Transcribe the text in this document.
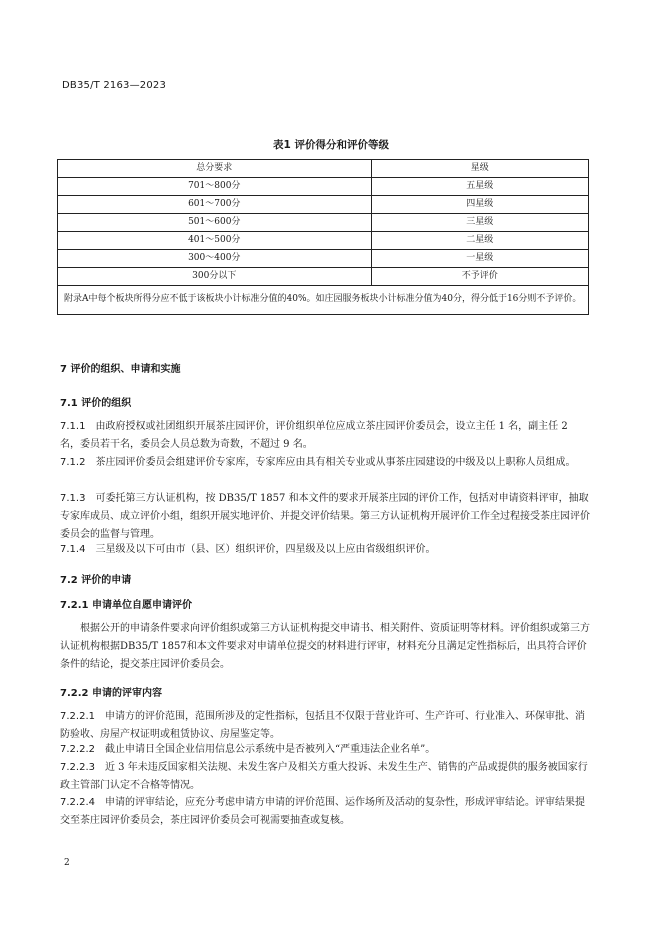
DB35/T 2163—2023
表1 评价得分和评价等级
总分要求	星级
701～800分	五星级
601～700分	四星级
501～600分	三星级
401～500分	二星级
300～400分	一星级
300分以下	不予评价
附录A中每个板块所得分应不低于该板块小计标准分值的40%。如庄园服务板块小计标准分值为40分，得分低于16分则不予评价。	
7 评价的组织、申请和实施
7.1 评价的组织
7.1.1 由政府授权或社团组织开展茶庄园评价，评价组织单位应成立茶庄园评价委员会，设立主任 1 名，副主任 2 名，委员若干名，委员会人员总数为奇数，不超过 9 名。
7.1.2 茶庄园评价委员会组建评价专家库，专家库应由具有相关专业或从事茶庄园建设的中级及以上职称人员组成。
7.1.3 可委托第三方认证机构，按 DB35/T 1857 和本文件的要求开展茶庄园的评价工作，包括对申请资料评审，抽取专家库成员、成立评价小组，组织开展实地评价、并提交评价结果。第三方认证机构开展评价工作全过程接受茶庄园评价委员会的监督与管理。
7.1.4 三星级及以下可由市（县、区）组织评价，四星级及以上应由省级组织评价。
7.2 评价的申请
7.2.1 申请单位自愿申请评价
根据公开的申请条件要求向评价组织或第三方认证机构提交申请书、相关附件、资质证明等材料。评价组织或第三方认证机构根据DB35/T 1857和本文件要求对申请单位提交的材料进行评审，材料充分且满足定性指标后，出具符合评价条件的结论，提交茶庄园评价委员会。
7.2.2 申请的评审内容
7.2.2.1 申请方的评价范围，范围所涉及的定性指标，包括且不仅限于营业许可、生产许可、行业准入、环保审批、消防验收、房屋产权证明或租赁协议、房屋鉴定等。
7.2.2.2 截止申请日全国企业信用信息公示系统中是否被列入“严重违法企业名单”。
7.2.2.3 近 3 年未违反国家相关法规、未发生客户及相关方重大投诉、未发生生产、销售的产品或提供的服务被国家行政主管部门认定不合格等情况。
7.2.2.4 申请的评审结论，应充分考虑申请方申请的评价范围、运作场所及活动的复杂性，形成评审结论。评审结果提交至茶庄园评价委员会，茶庄园评价委员会可视需要抽查或复核。
2
